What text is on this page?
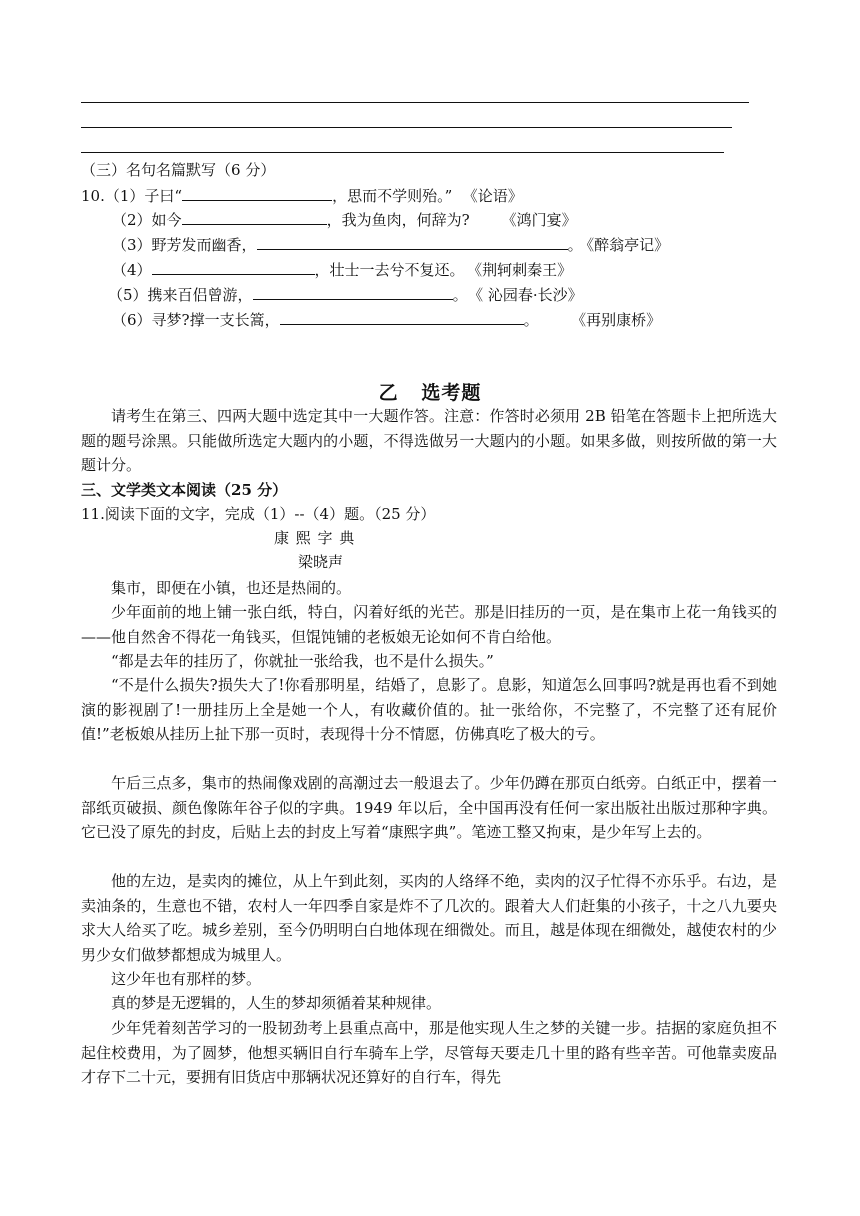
（三）名句名篇默写（6 分）
10.（1）子曰“	，思而不学则殆。” 《论语》
（2）如今	，我为鱼肉，何辞为? 《鸿门宴》
（3）野芳发而幽香，	。 《醉翁亭记》
（4）	，壮士一去兮不复还。 《荆轲刺秦王》
（5）携来百侣曾游，	。 《 沁园春·长沙》
（6）寻梦?撑一支长篙，	。	《再别康桥》
乙   选考题

请考生在第三、四两大题中选定其中一大题作答。注意：作答时必须用 2B 铅笔在答题卡上把所选大题的题号涂黑。只能做所选定大题内的小题，不得选做另一大题内的小题。如果多做，则按所做的第一大题计分。

三、文学类文本阅读（25 分）
11.阅读下面的文字，完成（1）--（4）题。（25 分）
康 熙 字 典
梁晓声

集市，即便在小镇，也还是热闹的。

少年面前的地上铺一张白纸，特白，闪着好纸的光芒。那是旧挂历的一页，是在集市上花一角钱买的——他自然舍不得花一角钱买，但馄饨铺的老板娘无论如何不肯白给他。

“都是去年的挂历了，你就扯一张给我，也不是什么损失。”

“不是什么损失?损失大了!你看那明星，结婚了，息影了。息影，知道怎么回事吗?就是再也看不到她演的影视剧了!一册挂历上全是她一个人，有收藏价值的。扯一张给你，不完整了，不完整了还有屁价值!”老板娘从挂历上扯下那一页时，表现得十分不情愿，仿佛真吃了极大的亏。

午后三点多，集市的热闹像戏剧的高潮过去一般退去了。少年仍蹲在那页白纸旁。白纸正中，摆着一部纸页破损、颜色像陈年谷子似的字典。1949 年以后，全中国再没有任何一家出版社出版过那种字典。它已没了原先的封皮，后贴上去的封皮上写着“康熙字典”。笔迹工整又拘束，是少年写上去的。

他的左边，是卖肉的摊位，从上午到此刻，买肉的人络绎不绝，卖肉的汉子忙得不亦乐乎。右边，是卖油条的，生意也不错，农村人一年四季自家是炸不了几次的。跟着大人们赶集的小孩子，十之八九要央求大人给买了吃。城乡差别，至今仍明明白白地体现在细微处。而且，越是体现在细微处，越使农村的少男少女们做梦都想成为城里人。

这少年也有那样的梦。

真的梦是无逻辑的，人生的梦却须循着某种规律。

少年凭着刻苦学习的一股韧劲考上县重点高中，那是他实现人生之梦的关键一步。拮据的家庭负担不起住校费用，为了圆梦，他想买辆旧自行车骑车上学，尽管每天要走几十里的路有些辛苦。可他靠卖废品才存下二十元，要拥有旧货店中那辆状况还算好的自行车，得先
